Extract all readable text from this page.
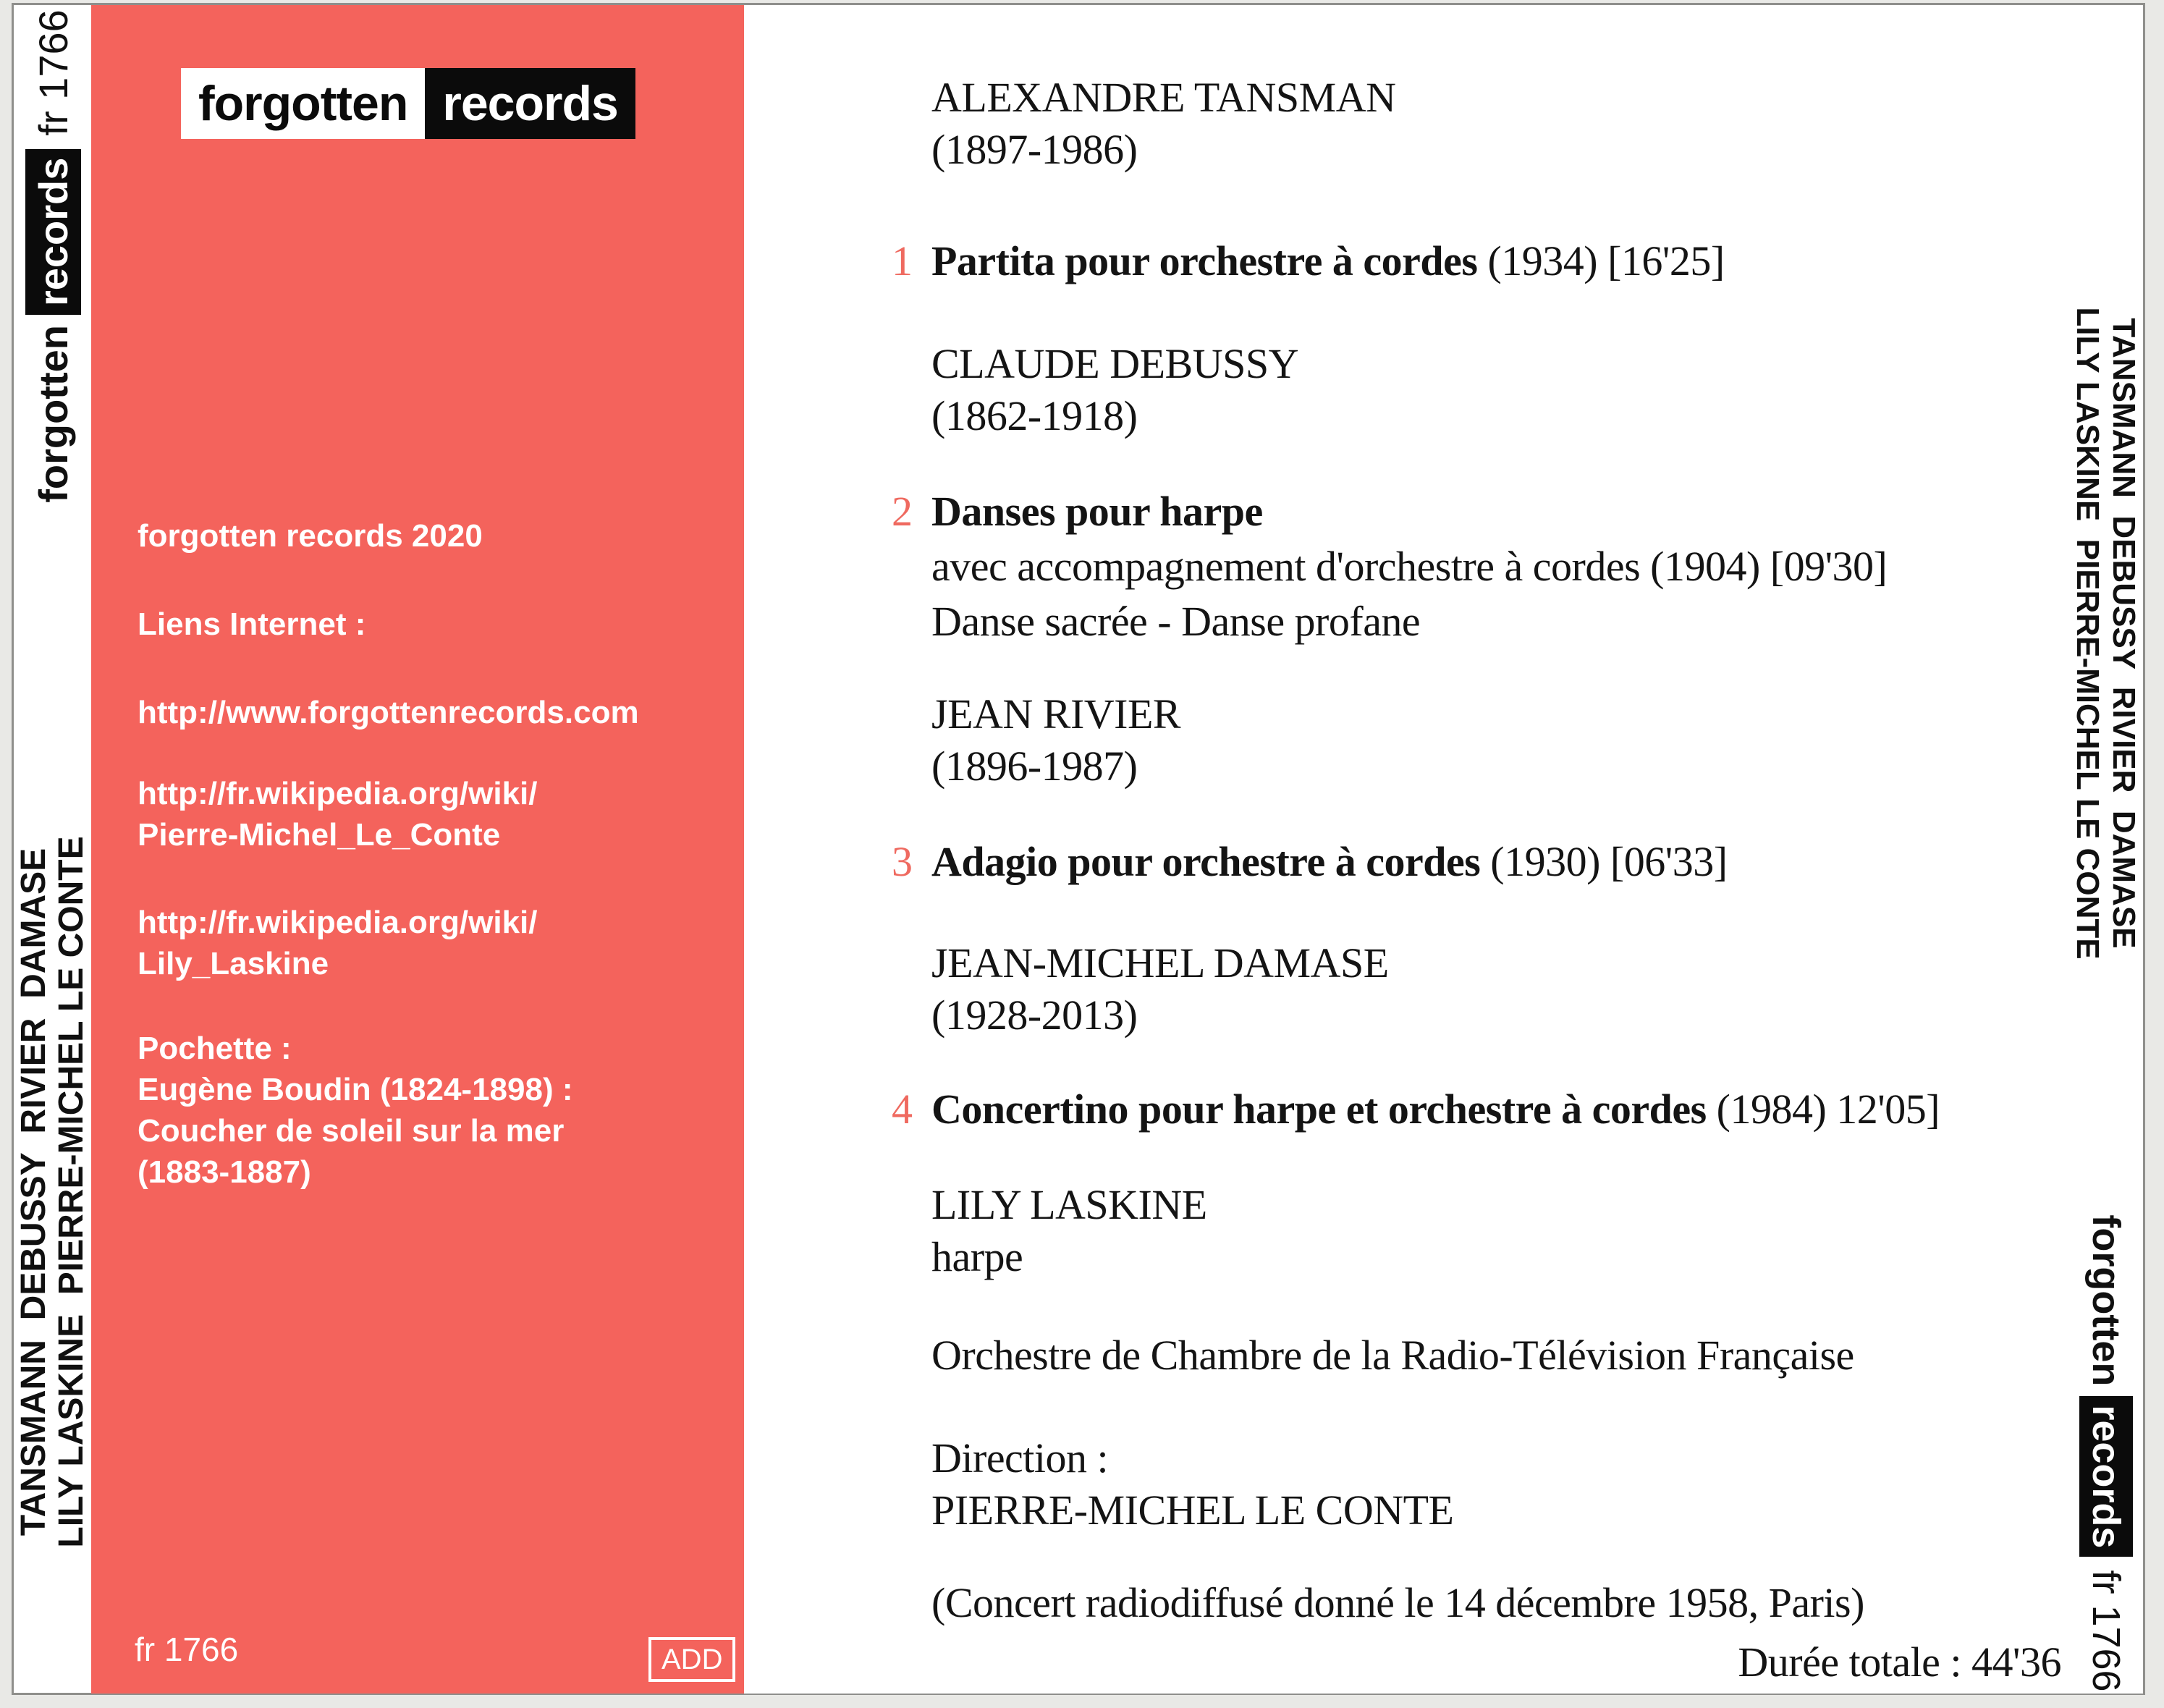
forgotten
records
fr 1766
TANSMANN  DEBUSSY  RIVIER  DAMASE LILY LASKINE  PIERRE-MICHEL LE CONTE
forgotten records
forgotten records 2020
Liens Internet :
http://www.forgottenrecords.com
http://fr.wikipedia.org/wiki/
Pierre-Michel_Le_Conte
http://fr.wikipedia.org/wiki/
Lily_Laskine
Pochette :
Eugène Boudin (1824-1898) :
Coucher de soleil sur la mer
(1883-1887)
fr 1766	ADD
ALEXANDRE TANSMAN
(1897-1986)
1 Partita pour orchestre à cordes (1934) [16'25]
CLAUDE DEBUSSY
(1862-1918)
2 Danses pour harpe
avec accompagnement d'orchestre à cordes (1904) [09'30]
Danse sacrée - Danse profane
JEAN RIVIER
(1896-1987)
3 Adagio pour orchestre à cordes (1930) [06'33]
JEAN-MICHEL DAMASE
(1928-2013)
4 Concertino pour harpe et orchestre à cordes (1984) 12'05]
LILY LASKINE
harpe
Orchestre de Chambre de la Radio-Télévision Française
Direction :
PIERRE-MICHEL LE CONTE
(Concert radiodiffusé donné le 14 décembre 1958, Paris)
Durée totale : 44'36
TANSMANN  DEBUSSY  RIVIER  DAMASE
LILY LASKINE  PIERRE-MICHEL LE CONTE
forgotten
records
fr 1766
